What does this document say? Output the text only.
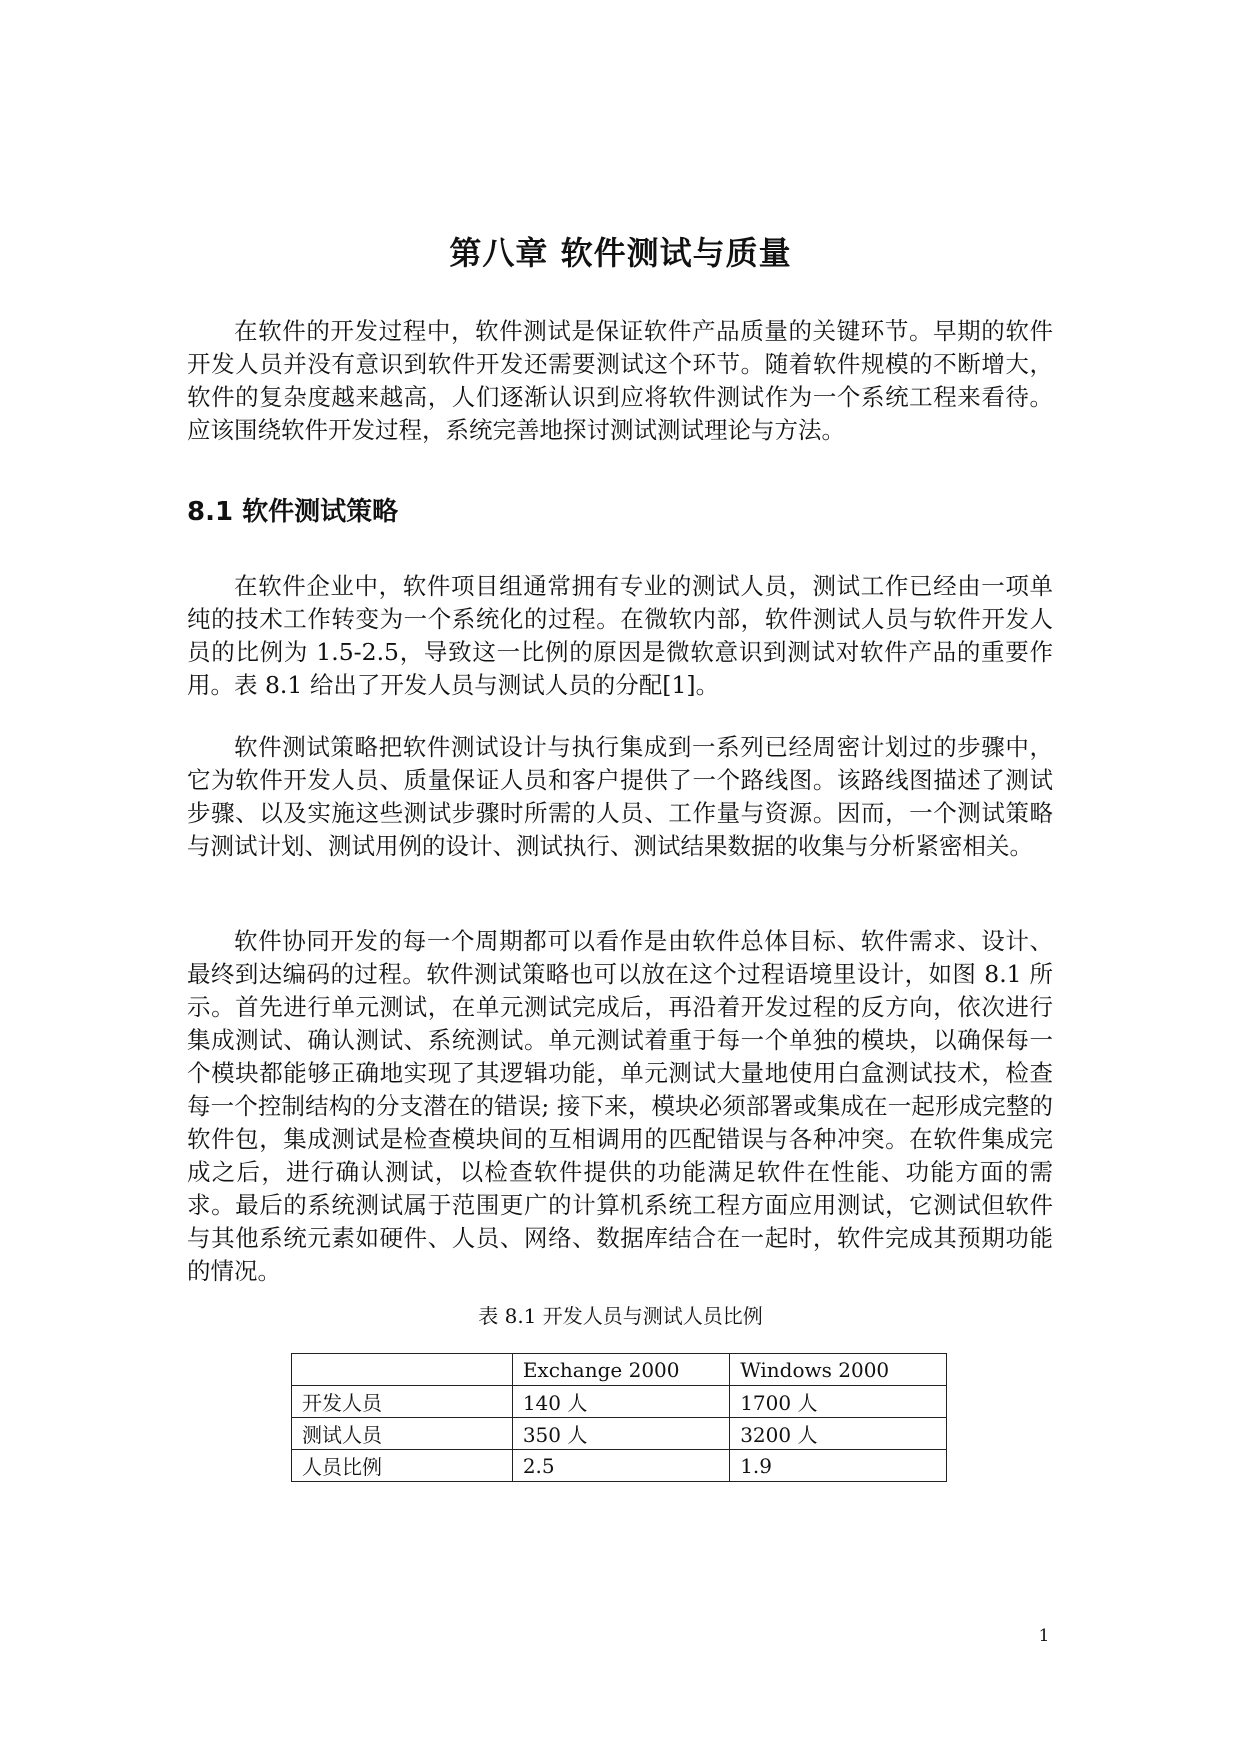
第八章 软件测试与质量

在软件的开发过程中，软件测试是保证软件产品质量的关键环节。早期的软件开发人员并没有意识到软件开发还需要测试这个环节。随着软件规模的不断增大，软件的复杂度越来越高，人们逐渐认识到应将软件测试作为一个系统工程来看待。应该围绕软件开发过程，系统完善地探讨测试测试理论与方法。

8.1 软件测试策略

在软件企业中，软件项目组通常拥有专业的测试人员，测试工作已经由一项单纯的技术工作转变为一个系统化的过程。在微软内部，软件测试人员与软件开发人员的比例为 1.5-2.5，导致这一比例的原因是微软意识到测试对软件产品的重要作用。表 8.1 给出了开发人员与测试人员的分配[1]。

软件测试策略把软件测试设计与执行集成到一系列已经周密计划过的步骤中，它为软件开发人员、质量保证人员和客户提供了一个路线图。该路线图描述了测试步骤、以及实施这些测试步骤时所需的人员、工作量与资源。因而，一个测试策略与测试计划、测试用例的设计、测试执行、测试结果数据的收集与分析紧密相关。

软件协同开发的每一个周期都可以看作是由软件总体目标、软件需求、设计、最终到达编码的过程。软件测试策略也可以放在这个过程语境里设计，如图 8.1 所示。首先进行单元测试，在单元测试完成后，再沿着开发过程的反方向，依次进行集成测试、确认测试、系统测试。单元测试着重于每一个单独的模块，以确保每一个模块都能够正确地实现了其逻辑功能，单元测试大量地使用白盒测试技术，检查每一个控制结构的分支潜在的错误; 接下来，模块必须部署或集成在一起形成完整的软件包，集成测试是检查模块间的互相调用的匹配错误与各种冲突。在软件集成完成之后，进行确认测试，以检查软件提供的功能满足软件在性能、功能方面的需求。最后的系统测试属于范围更广的计算机系统工程方面应用测试，它测试但软件与其他系统元素如硬件、人员、网络、数据库结合在一起时，软件完成其预期功能的情况。

表 8.1 开发人员与测试人员比例

	Exchange 2000	Windows 2000
开发人员	140 人	1700 人
测试人员	350 人	3200 人
人员比例	2.5	1.9

1
